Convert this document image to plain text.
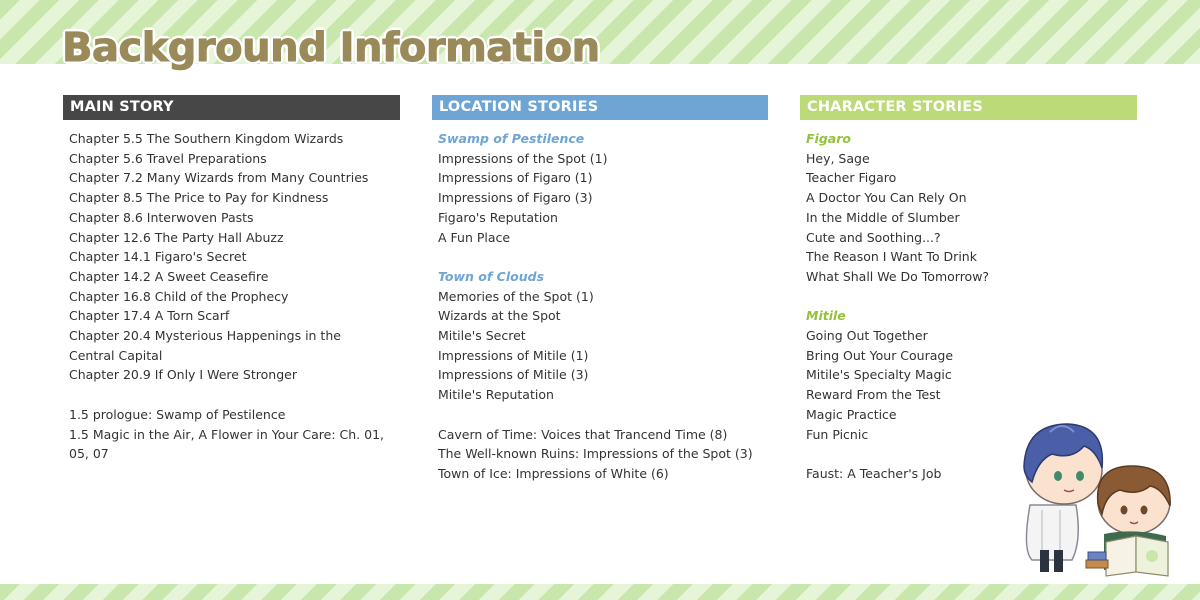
Background Information
MAIN STORY
Chapter 5.5 The Southern Kingdom Wizards
Chapter 5.6 Travel Preparations
Chapter 7.2 Many Wizards from Many Countries
Chapter 8.5 The Price to Pay for Kindness
Chapter 8.6 Interwoven Pasts
Chapter 12.6 The Party Hall Abuzz
Chapter 14.1 Figaro's Secret
Chapter 14.2 A Sweet Ceasefire
Chapter 16.8 Child of the Prophecy
Chapter 17.4 A Torn Scarf
Chapter 20.4 Mysterious Happenings in the Central Capital
Chapter 20.9 If Only I Were Stronger
1.5 prologue: Swamp of Pestilence
1.5 Magic in the Air, A Flower in Your Care: Ch. 01, 05, 07
LOCATION STORIES
Swamp of Pestilence
Impressions of the Spot (1)
Impressions of Figaro (1)
Impressions of Figaro (3)
Figaro's Reputation
A Fun Place
Town of Clouds
Memories of the Spot (1)
Wizards at the Spot
Mitile's Secret
Impressions of Mitile (1)
Impressions of Mitile (3)
Mitile's Reputation
Cavern of Time: Voices that Trancend Time (8)
The Well-known Ruins: Impressions of the Spot (3)
Town of Ice: Impressions of White (6)
CHARACTER STORIES
Figaro
Hey, Sage
Teacher Figaro
A Doctor You Can Rely On
In the Middle of Slumber
Cute and Soothing...?
The Reason I Want To Drink
What Shall We Do Tomorrow?
Mitile
Going Out Together
Bring Out Your Courage
Mitile's Specialty Magic
Reward From the Test
Magic Practice
Fun Picnic
Faust: A Teacher's Job
